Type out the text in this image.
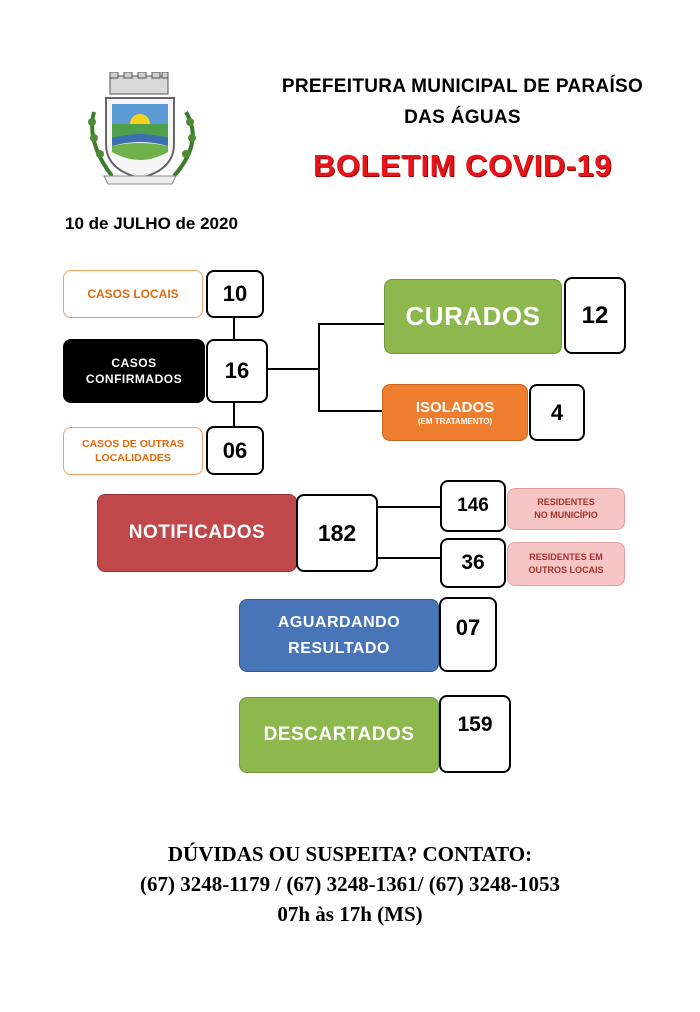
PREFEITURA MUNICIPAL DE PARAÍSO
DAS ÁGUAS
BOLETIM COVID-19
10 de JULHO de 2020
CASOS LOCAIS	10
CASOS
CONFIRMADOS	16
CASOS DE OUTRAS
LOCALIDADES	06
CURADOS	12
ISOLADOS
(EM TRATAMENTO)	4
NOTIFICADOS	182
146	RESIDENTES
NO MUNICÍPIO
36	RESIDENTES EM
OUTROS LOCAIS
AGUARDANDO
RESULTADO
07
DESCARTADOS	159
DÚVIDAS OU SUSPEITA? CONTATO:
(67) 3248-1179 / (67) 3248-1361/ (67) 3248-1053
07h às 17h (MS)
